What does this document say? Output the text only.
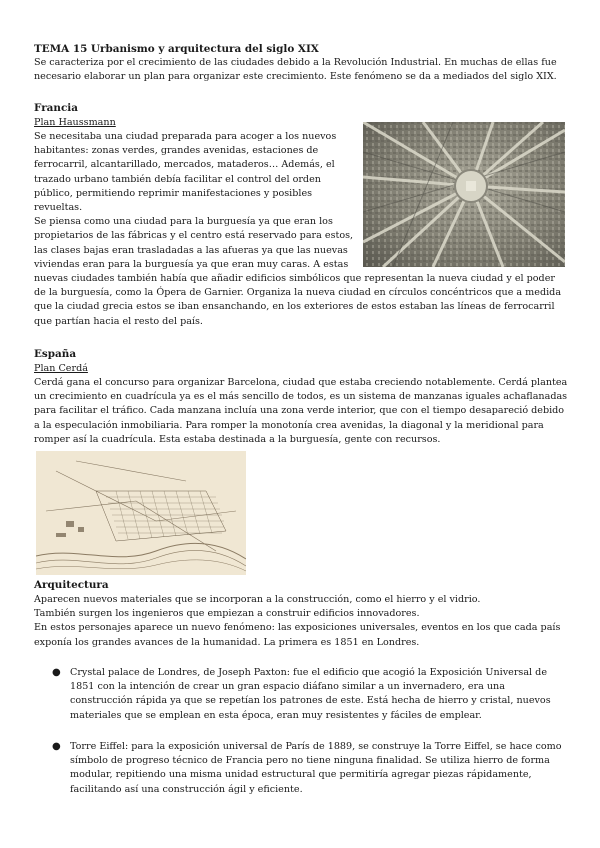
TEMA 15 Urbanismo y arquitectura del siglo XIX

Se caracteriza por el crecimiento de las ciudades debido a la Revolución Industrial. En muchas de ellas fue
necesario elaborar un plan para organizar este crecimiento. Este fenómeno se da a mediados del siglo XIX.

Francia
Plan Haussmann

Se necesitaba una ciudad preparada para acoger a los nuevos
habitantes: zonas verdes, grandes avenidas, estaciones de
ferrocarril, alcantarillado, mercados, mataderos… Además, el
trazado urbano también debía facilitar el control del orden
público, permitiendo reprimir manifestaciones y posibles
revueltas.
Se piensa como una ciudad para la burguesía ya que eran los
propietarios de las fábricas y el centro está reservado para estos,
las clases bajas eran trasladadas a las afueras ya que las nuevas
viviendas eran para la burguesía ya que eran muy caras. A estas

nuevas ciudades también había que añadir edificios simbólicos que representan la nueva ciudad y el poder
de la burguesía, como la Ópera de Garnier. Organiza la nueva ciudad en círculos concéntricos que a medida
que la ciudad grecia estos se iban ensanchando, en los exteriores de estos estaban las líneas de ferrocarril
que partían hacia el resto del país.

España
Plan Cerdá

Cerdá gana el concurso para organizar Barcelona, ciudad que estaba creciendo notablemente. Cerdá plantea
un crecimiento en cuadrícula ya es el más sencillo de todos, es un sistema de manzanas iguales achaflanadas
para facilitar el tráfico. Cada manzana incluía una zona verde interior, que con el tiempo desapareció debido
a la especulación inmobiliaria. Para romper la monotonía crea avenidas, la diagonal y la meridional para
romper así la cuadrícula. Esta estaba destinada a la burguesía, gente con recursos.

Arquitectura

Aparecen nuevos materiales que se incorporan a la construcción, como el hierro y el vidrio.
También surgen los ingenieros que empiezan a construir edificios innovadores.
En estos personajes aparece un nuevo fenómeno: las exposiciones universales, eventos en los que cada país
exponía los grandes avances de la humanidad. La primera es 1851 en Londres.

● Crystal palace de Londres, de Joseph Paxton: fue el edificio que acogió la Exposición Universal de
1851 con la intención de crear un gran espacio diáfano similar a un invernadero, era una
construcción rápida ya que se repetían los patrones de este. Está hecha de hierro y cristal, nuevos
materiales que se emplean en esta época, eran muy resistentes y fáciles de emplear.
● Torre Eiffel: para la exposición universal de París de 1889, se construye la Torre Eiffel, se hace como
símbolo de progreso técnico de Francia pero no tiene ninguna finalidad. Se utiliza hierro de forma
modular, repitiendo una misma unidad estructural que permitiría agregar piezas rápidamente,
facilitando así una construcción ágil y eficiente.
